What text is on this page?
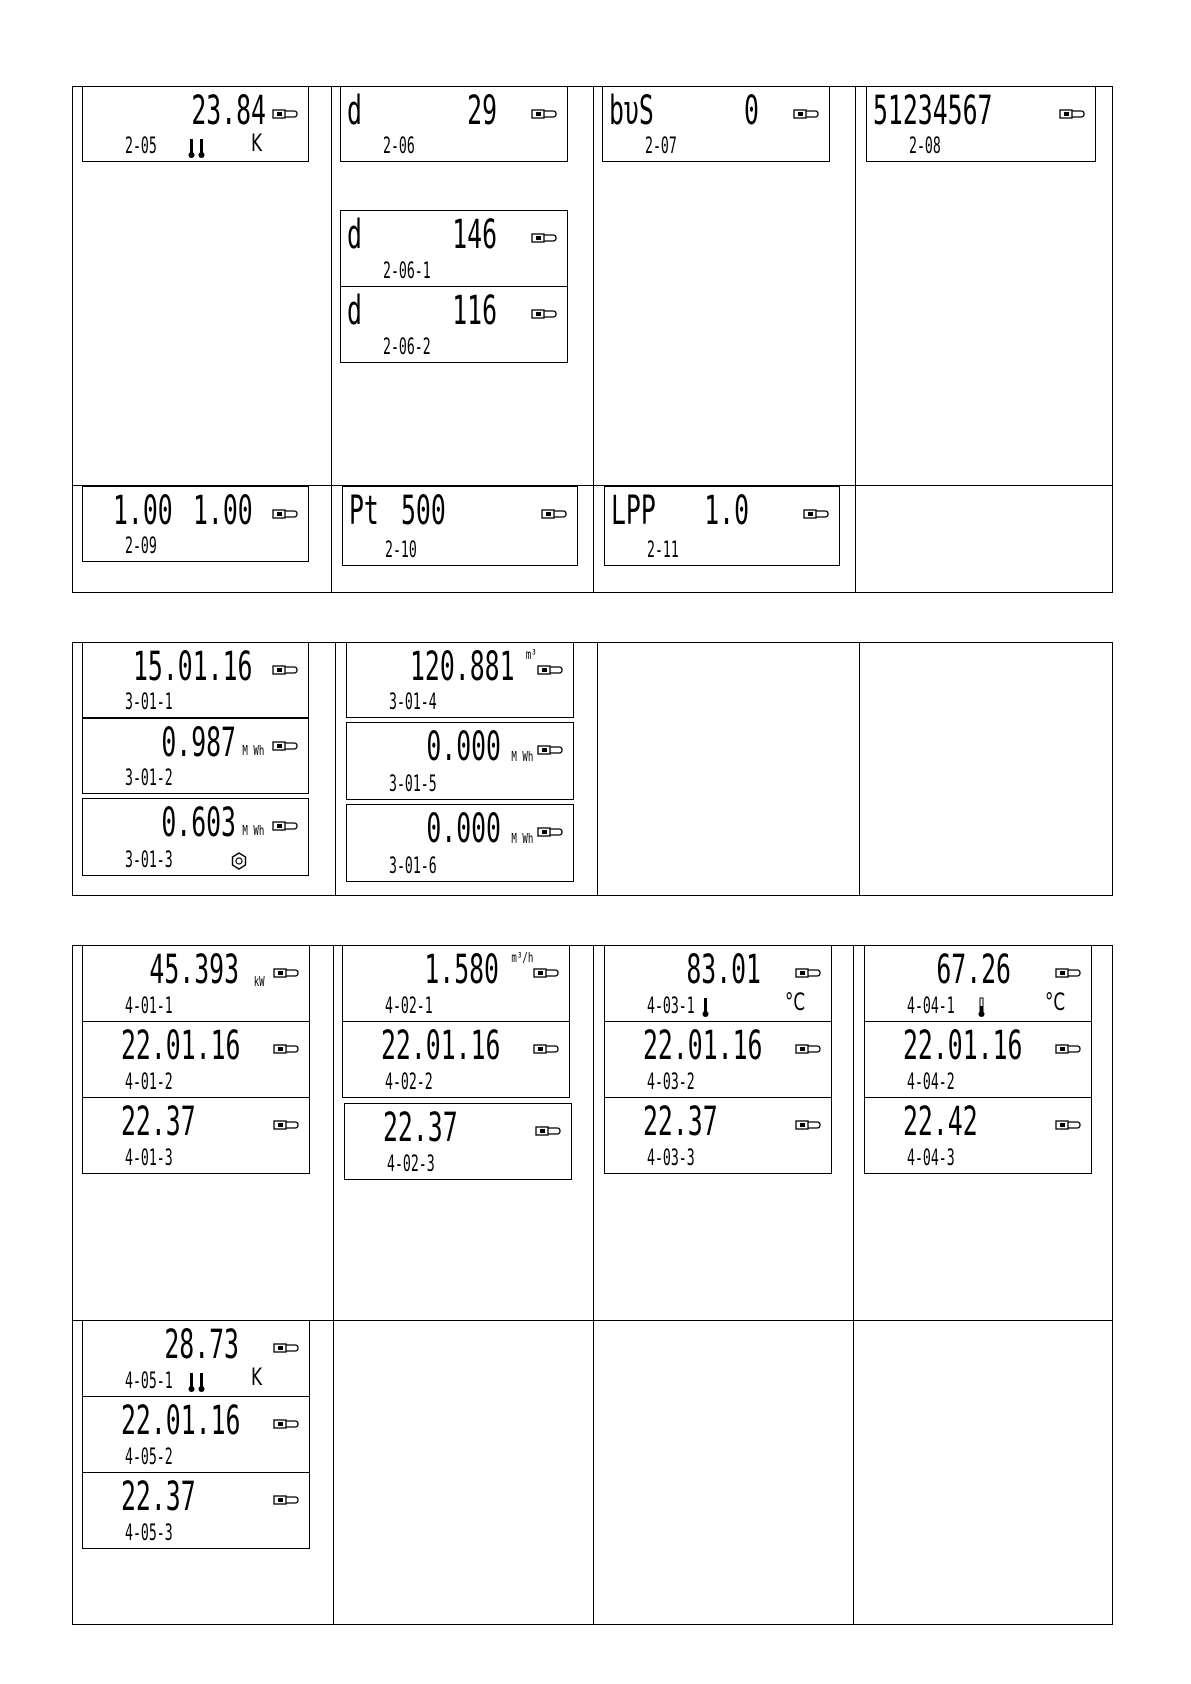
23.84
2-05	K
d	29
2-06
bυS	0
2-07
51234567
2-08
d	146
2-06-1
d	116
2-06-2
1.00 1.00
2-09
Pt 500
2-10
LPP	1.0
2-11
15.01.16
3-01-1
0.987 M Wh
3-01-2
0.603 M Wh
3-01-3
120.881 m³
3-01-4
0.000 M Wh
3-01-5
0.000 M Wh
3-01-6
45.393 kW
4-01-1
22.01.16
4-01-2
22.37
4-01-3
1.580 m³/h
4-02-1
22.01.16
4-02-2
22.37
4-02-3
83.01
4-03-1	°C
22.01.16
4-03-2
22.37
4-03-3
67.26
4-04-1	°C
22.01.16
4-04-2
22.42
4-04-3
28.73
4-05-1	K
22.01.16
4-05-2
22.37
4-05-3
